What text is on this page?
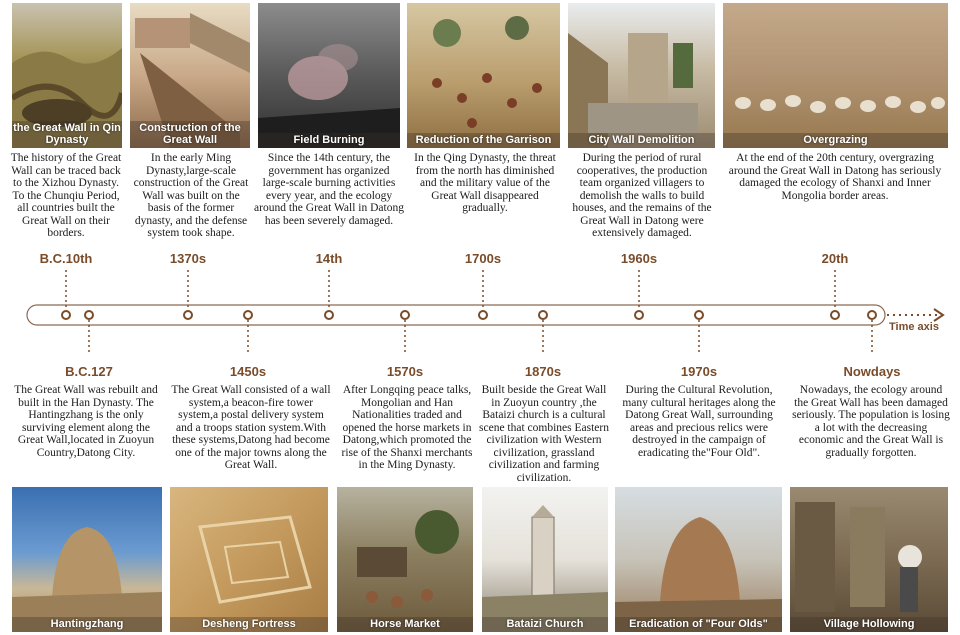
the Great Wall in Qin Dynasty
Construction of the Great Wall	Field Burning	Reduction of the Garrison	City Wall Demolition	Overgrazing

The history of the Great Wall can be traced back to the Xizhou Dynasty. To the Chunqiu Period, all countries built the Great Wall on their borders.

In the early Ming Dynasty,large-scale construction of the Great Wall was built on the basis of the former dynasty, and the defense system took shape.

Since the 14th century, the government has organized large-scale burning activities every year, and the ecology around the Great Wall in Datong has been severely damaged.

In the Qing Dynasty, the threat from the north has diminished and the military value of the Great Wall disappeared gradually.

During the period of rural cooperatives, the production team organized villagers to demolish the walls to build houses, and the remains of the Great Wall in Datong were extensively damaged.

At the end of the 20th century, overgrazing around the Great Wall in Datong has seriously damaged the ecology of Shanxi and Inner Mongolia border areas.

B.C.10th
B.C.127
1370s
1450s
14th
1570s
1700s
1870s
1960s
1970s
20th
Nowdays
Time axis

The Great Wall was rebuilt and built in the Han Dynasty. The Hantingzhang is the only surviving element along the Great Wall,located in Zuoyun Country,Datong City.

The Great Wall consisted of a wall system,a beacon-fire tower system,a postal delivery system and a troops station system.With these systems,Datong had become one of the major towns along the Great Wall.

After Longqing peace talks, Mongolian and Han Nationalities traded and opened the horse markets in Datong,which promoted the rise of the Shanxi merchants in the Ming Dynasty.

Built beside the Great Wall in Zuoyun country ,the Bataizi church is a cultural scene that combines Eastern civilization with Western civilization, grassland civilization and farming civilization.

During the Cultural Revolution, many cultural heritages along the Datong Great Wall, surrounding areas and precious relics were destroyed in the campaign of eradicating the"Four Old".

Nowadays, the ecology around the Great Wall has been damaged seriously. The population is losing a lot with the decreasing economic and the Great Wall is gradually forgotten.

Hantingzhang	Desheng Fortress	Horse Market	Bataizi Church	Eradication of "Four Olds"	Village Hollowing
